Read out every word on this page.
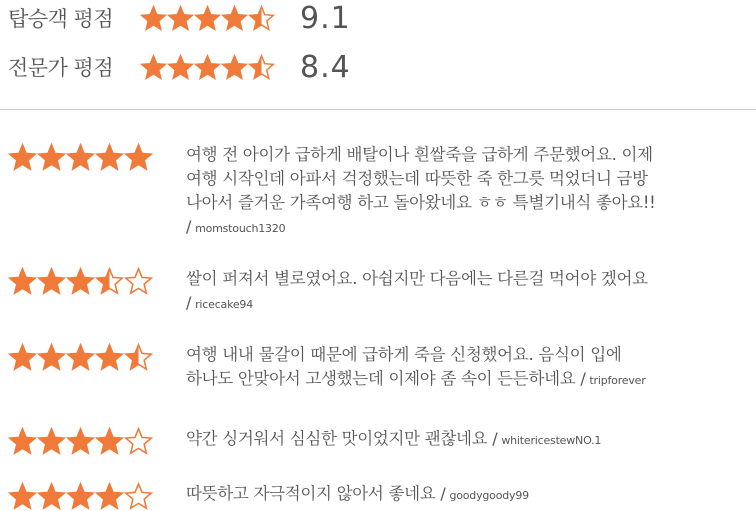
탑승객 평점	9.1
전문가 평점	8.4
여행 전 아이가 급하게 배탈이나 흰쌀죽을 급하게 주문했어요. 이제
여행 시작인데 아파서 걱정했는데 따뜻한 죽 한그릇 먹었더니 금방
나아서 즐거운 가족여행 하고 돌아왔네요 ㅎㅎ 특별기내식 좋아요!!
/ momstouch1320
쌀이 퍼져서 별로였어요. 아쉽지만 다음에는 다른걸 먹어야 겠어요
/ ricecake94
여행 내내 물갈이 때문에 급하게 죽을 신청했어요. 음식이 입에
하나도 안맞아서 고생했는데 이제야 좀 속이 든든하네요 / tripforever
약간 싱거워서 심심한 맛이었지만 괜찮네요 / whitericestewNO.1
따뜻하고 자극적이지 않아서 좋네요 / goodygoody99
